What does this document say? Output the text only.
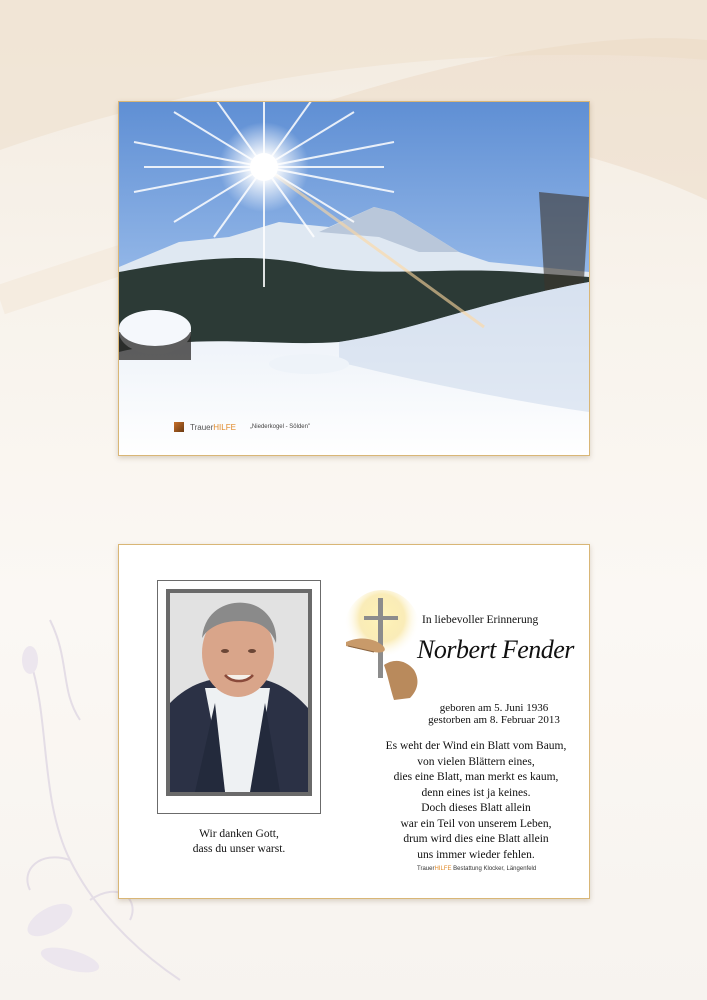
Trauer HILFE „Niederkogel - Sölden"
Wir danken Gott,
dass du unser warst.
In liebevoller Erinnerung
Norbert Fender
geboren am 5. Juni 1936
gestorben am 8. Februar 2013
Es weht der Wind ein Blatt vom Baum,
von vielen Blättern eines,
dies eine Blatt, man merkt es kaum,
denn eines ist ja keines.
Doch dieses Blatt allein
war ein Teil von unserem Leben,
drum wird dies eine Blatt allein
uns immer wieder fehlen.
TrauerHILFE Bestattung Klocker, Längenfeld
